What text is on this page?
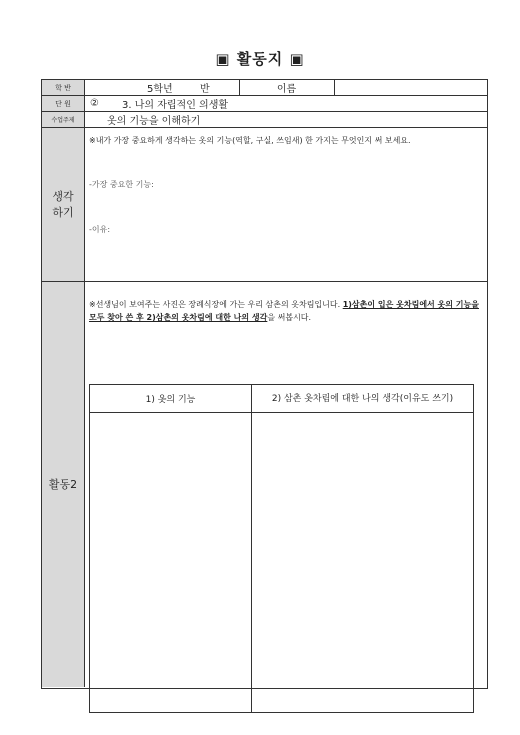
▣ 활동지 ▣
학 반	5학년	반	이름
단 원	② 3. 나의 자립적인 의생활
수업주제	옷의 기능을 이해하기
생각
하기
※내가 가장 중요하게 생각하는 옷의 기능(역할, 구실, 쓰임새) 한 가지는 무엇인지 써 보세요.
-가장 중요한 기능:
-이유:
활동2
※선생님이 보여주는 사진은 장례식장에 가는 우리 삼촌의 옷차림입니다. 1)삼촌이 입은 옷차림에서 옷의 기능을 모두 찾아 쓴 후 2)삼촌의 옷차림에 대한 나의 생각을 써봅시다.
1) 옷의 기능	2) 삼촌 옷차림에 대한 나의 생각(이유도 쓰기)
